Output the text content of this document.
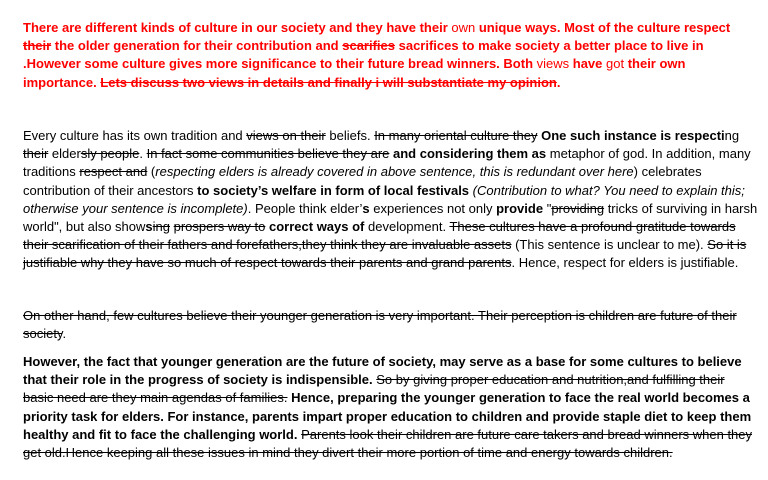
There are different kinds of culture in our society and they have their own unique ways. Most of the culture respect their the older generation for their contribution and scarifies sacrifices to make society a better place to live in .However some culture gives more significance to their future bread winners. Both views have got their own importance. Lets discuss two views in details and finally i will substantiate my opinion.

Every culture has its own tradition and views on their beliefs. In many oriental culture they One such instance is respecting their eldersly people. In fact some communities believe they are and considering them as metaphor of god. In addition, many traditions respect and (respecting elders is already covered in above sentence, this is redundant over here) celebrates contribution of their ancestors to society’s welfare in form of local festivals (Contribution to what? You need to explain this; otherwise your sentence is incomplete). People think elder’s experiences not only provide "providing tricks of surviving in harsh world", but also showsing prospers way to correct ways of development. These cultures have a profound gratitude towards their scarification of their fathers and forefathers,they think they are invaluable assets (This sentence is unclear to me). So it is justifiable why they have so much of respect towards their parents and grand parents. Hence, respect for elders is justifiable.

On other hand, few cultures believe their younger generation is very important. Their perception is children are future of their society.

However, the fact that younger generation are the future of society, may serve as a base for some cultures to believe that their role in the progress of society is indispensible. So by giving proper education and nutrition,and fulfilling their basic need are they main agendas of families. Hence, preparing the younger generation to face the real world becomes a priority task for elders. For instance, parents impart proper education to children and provide staple diet to keep them healthy and fit to face the challenging world. Parents look their children are future care takers and bread winners when they get old.Hence keeping all these issues in mind they divert their more portion of time and energy towards children.
